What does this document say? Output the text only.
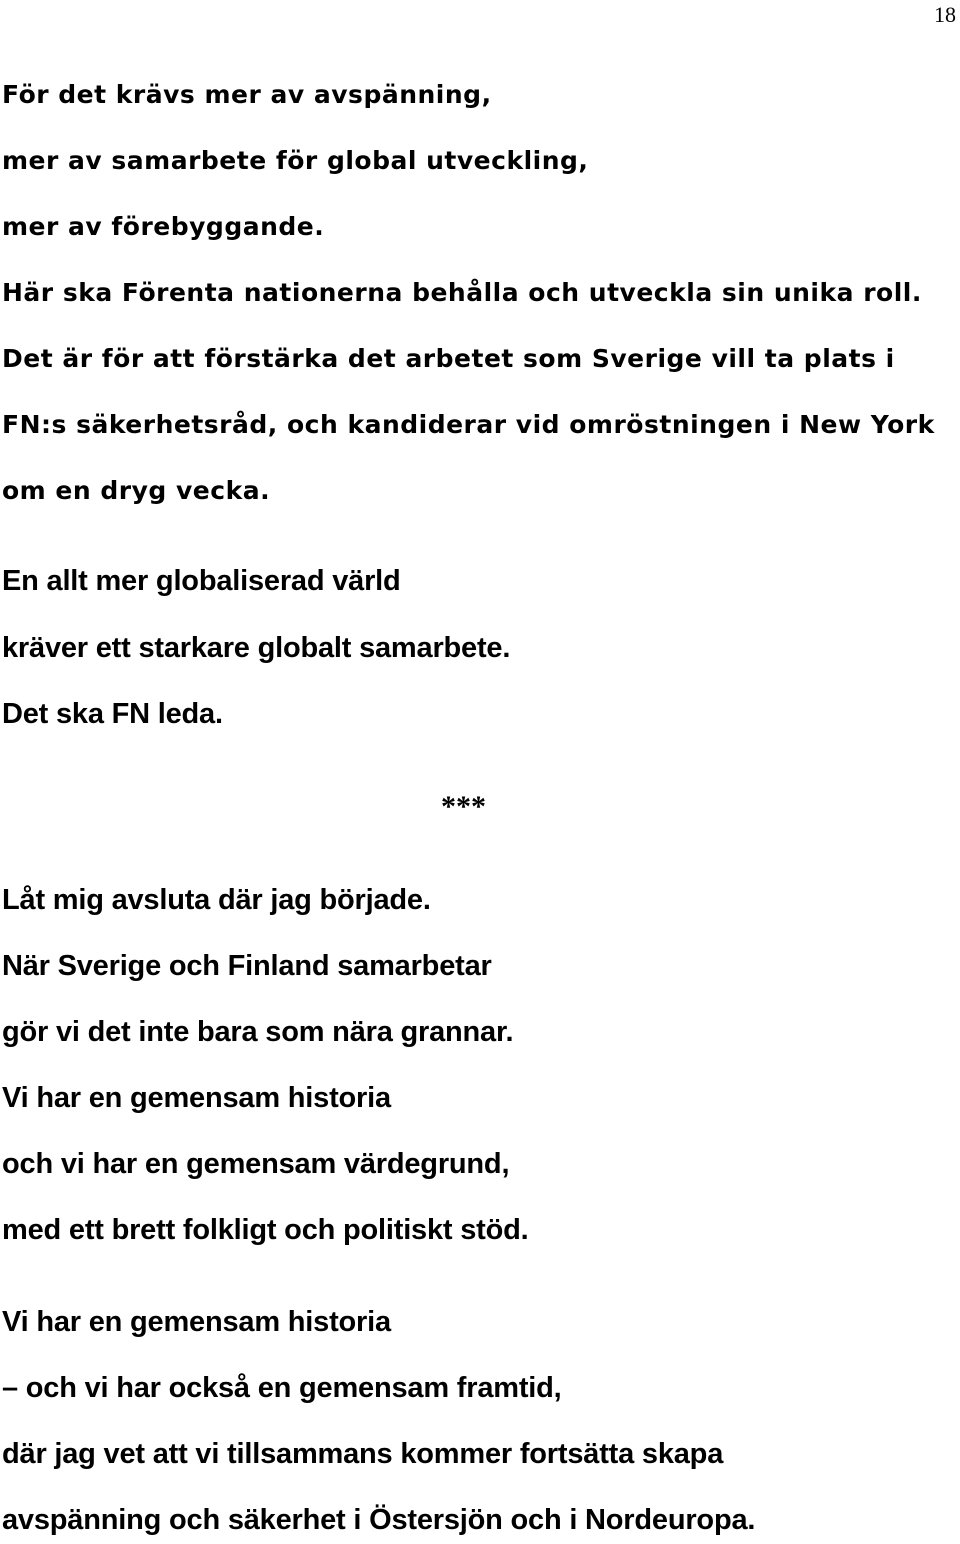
18
För det krävs mer av avspänning,
mer av samarbete för global utveckling,
mer av förebyggande.
Här ska Förenta nationerna behålla och utveckla sin unika roll.
Det är för att förstärka det arbetet som Sverige vill ta plats i
FN:s säkerhetsråd, och kandiderar vid omröstningen i New York
om en dryg vecka.
En allt mer globaliserad värld
kräver ett starkare globalt samarbete.
Det ska FN leda.
***
Låt mig avsluta där jag började.
När Sverige och Finland samarbetar
gör vi det inte bara som nära grannar.
Vi har en gemensam historia
och vi har en gemensam värdegrund,
med ett brett folkligt och politiskt stöd.
Vi har en gemensam historia
– och vi har också en gemensam framtid,
där jag vet att vi tillsammans kommer fortsätta skapa
avspänning och säkerhet i Östersjön och i Nordeuropa.
